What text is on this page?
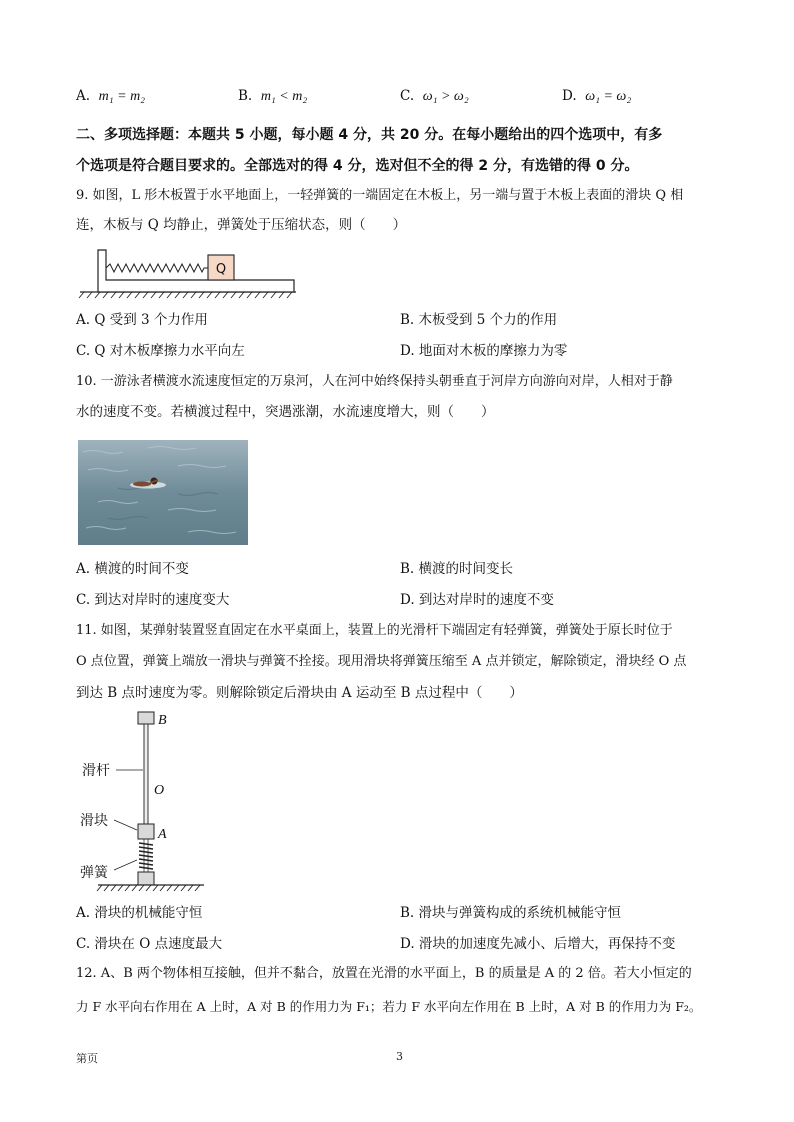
A. m₁ = m₂	B. m₁ < m₂	C. ω₁ > ω₂	D. ω₁ = ω₂
二、多项选择题：本题共 5 小题，每小题 4 分，共 20 分。在每小题给出的四个选项中，有多
个选项是符合题目要求的。全部选对的得 4 分，选对但不全的得 2 分，有选错的得 0 分。
9. 如图，L 形木板置于水平地面上，一轻弹簧的一端固定在木板上，另一端与置于木板上表面的滑块 Q 相
连，木板与 Q 均静止，弹簧处于压缩状态，则（　　）
Q
A. Q 受到 3 个力作用	B. 木板受到 5 个力的作用
C. Q 对木板摩擦力水平向左	D. 地面对木板的摩擦力为零
10. 一游泳者横渡水流速度恒定的万泉河，人在河中始终保持头朝垂直于河岸方向游向对岸，人相对于静
水的速度不变。若横渡过程中，突遇涨潮，水流速度增大，则（　　）
A. 横渡的时间不变	B. 横渡的时间变长
C. 到达对岸时的速度变大	D. 到达对岸时的速度不变
11. 如图，某弹射装置竖直固定在水平桌面上，装置上的光滑杆下端固定有轻弹簧，弹簧处于原长时位于
O 点位置，弹簧上端放一滑块与弹簧不拴接。现用滑块将弹簧压缩至 A 点并锁定，解除锁定，滑块经 O 点
到达 B 点时速度为零。则解除锁定后滑块由 A 运动至 B 点过程中（　　）
B
O
滑杆
A
滑块
弹簧
A. 滑块的机械能守恒	B. 滑块与弹簧构成的系统机械能守恒
C. 滑块在 O 点速度最大	D. 滑块的加速度先减小、后增大，再保持不变
12. A、B 两个物体相互接触，但并不黏合，放置在光滑的水平面上，B 的质量是 A 的 2 倍。若大小恒定的
力 F 水平向右作用在 A 上时，A 对 B 的作用力为 F₁；若力 F 水平向左作用在 B 上时，A 对 B 的作用力为 F₂。
第页	3
